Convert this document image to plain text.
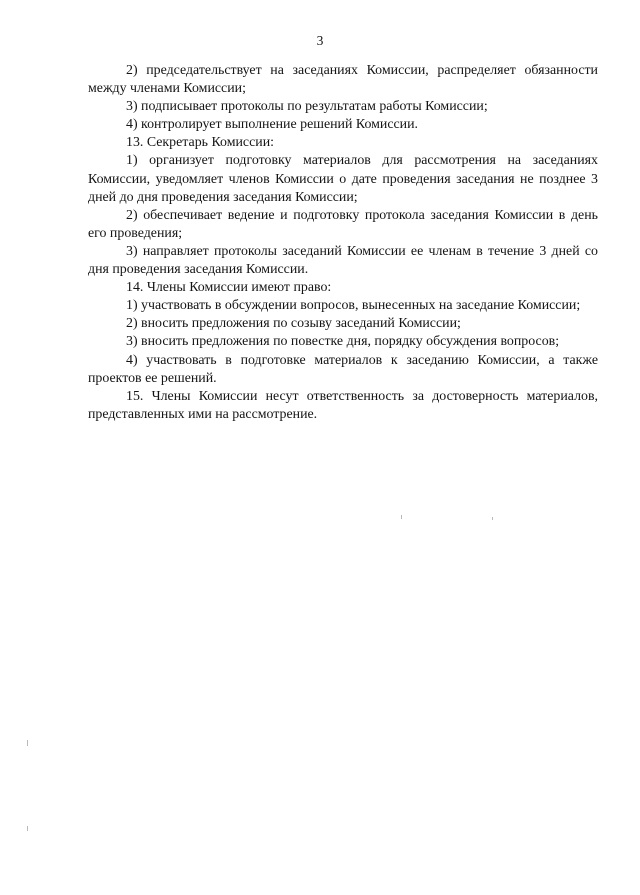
3

2) председательствует на заседаниях Комиссии, распределяет обязанности между членами Комиссии;

3) подписывает протоколы по результатам работы Комиссии;

4) контролирует выполнение решений Комиссии.

13. Секретарь Комиссии:

1) организует подготовку материалов для рассмотрения на заседаниях Комиссии, уведомляет членов Комиссии о дате проведения заседания не позднее 3 дней до дня проведения заседания Комиссии;

2) обеспечивает ведение и подготовку протокола заседания Комиссии в день его проведения;

3) направляет протоколы заседаний Комиссии ее членам в течение 3 дней со дня проведения заседания Комиссии.

14. Члены Комиссии имеют право:

1) участвовать в обсуждении вопросов, вынесенных на заседание Комиссии;

2) вносить предложения по созыву заседаний Комиссии;

3) вносить предложения по повестке дня, порядку обсуждения вопросов;

4) участвовать в подготовке материалов к заседанию Комиссии, а также проектов ее решений.

15. Члены Комиссии несут ответственность за достоверность материалов, представленных ими на рассмотрение.
